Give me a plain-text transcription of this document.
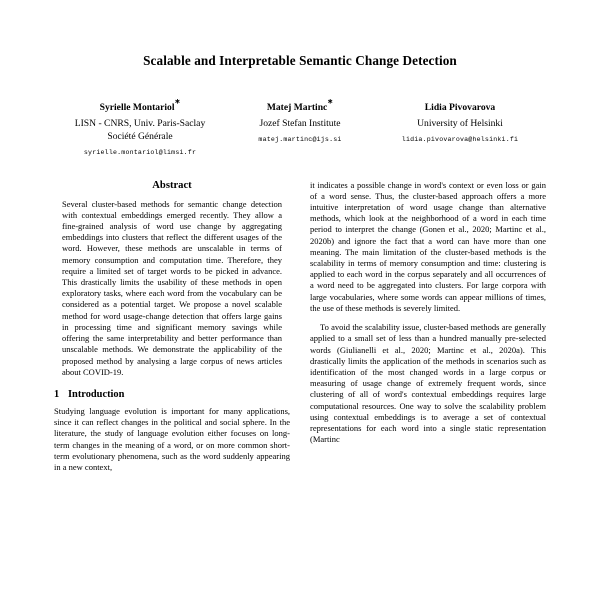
Scalable and Interpretable Semantic Change Detection
Syrielle Montariol∗
LISN - CNRS, Univ. Paris-Saclay
Société Générale
syrielle.montariol@limsi.fr
Matej Martinc∗
Jozef Stefan Institute
matej.martinc@ijs.si
Lidia Pivovarova
University of Helsinki
lidia.pivovarova@helsinki.fi
Abstract

Several cluster-based methods for semantic change detection with contextual embeddings emerged recently. They allow a fine-grained analysis of word use change by aggregating embeddings into clusters that reflect the different usages of the word. However, these methods are unscalable in terms of memory consumption and computation time. Therefore, they require a limited set of target words to be picked in advance. This drastically limits the usability of these methods in open exploratory tasks, where each word from the vocabulary can be considered as a potential target. We propose a novel scalable method for word usage-change detection that offers large gains in processing time and significant memory savings while offering the same interpretability and better performance than unscalable methods. We demonstrate the applicability of the proposed method by analysing a large corpus of news articles about COVID-19.

1 Introduction

Studying language evolution is important for many applications, since it can reflect changes in the political and social sphere. In the literature, the study of language evolution either focuses on long-term changes in the meaning of a word, or on more common short-term evolutionary phenomena, such as the word suddenly appearing in a new context,

it indicates a possible change in word's context or even loss or gain of a word sense. Thus, the cluster-based approach offers a more intuitive interpretation of word usage change than alternative methods, which look at the neighborhood of a word in each time period to interpret the change (Gonen et al., 2020; Martinc et al., 2020b) and ignore the fact that a word can have more than one meaning. The main limitation of the cluster-based methods is the scalability in terms of memory consumption and time: clustering is applied to each word in the corpus separately and all occurrences of a word need to be aggregated into clusters. For large corpora with large vocabularies, where some words can appear millions of times, the use of these methods is severely limited.

To avoid the scalability issue, cluster-based methods are generally applied to a small set of less than a hundred manually pre-selected words (Giulianelli et al., 2020; Martinc et al., 2020a). This drastically limits the application of the methods in scenarios such as identification of the most changed words in a large corpus or measuring of usage change of extremely frequent words, since clustering of all of word's contextual embeddings requires large computational resources. One way to solve the scalability problem using contextual embeddings is to average a set of contextual representations for each word into a single static representation (Martinc
